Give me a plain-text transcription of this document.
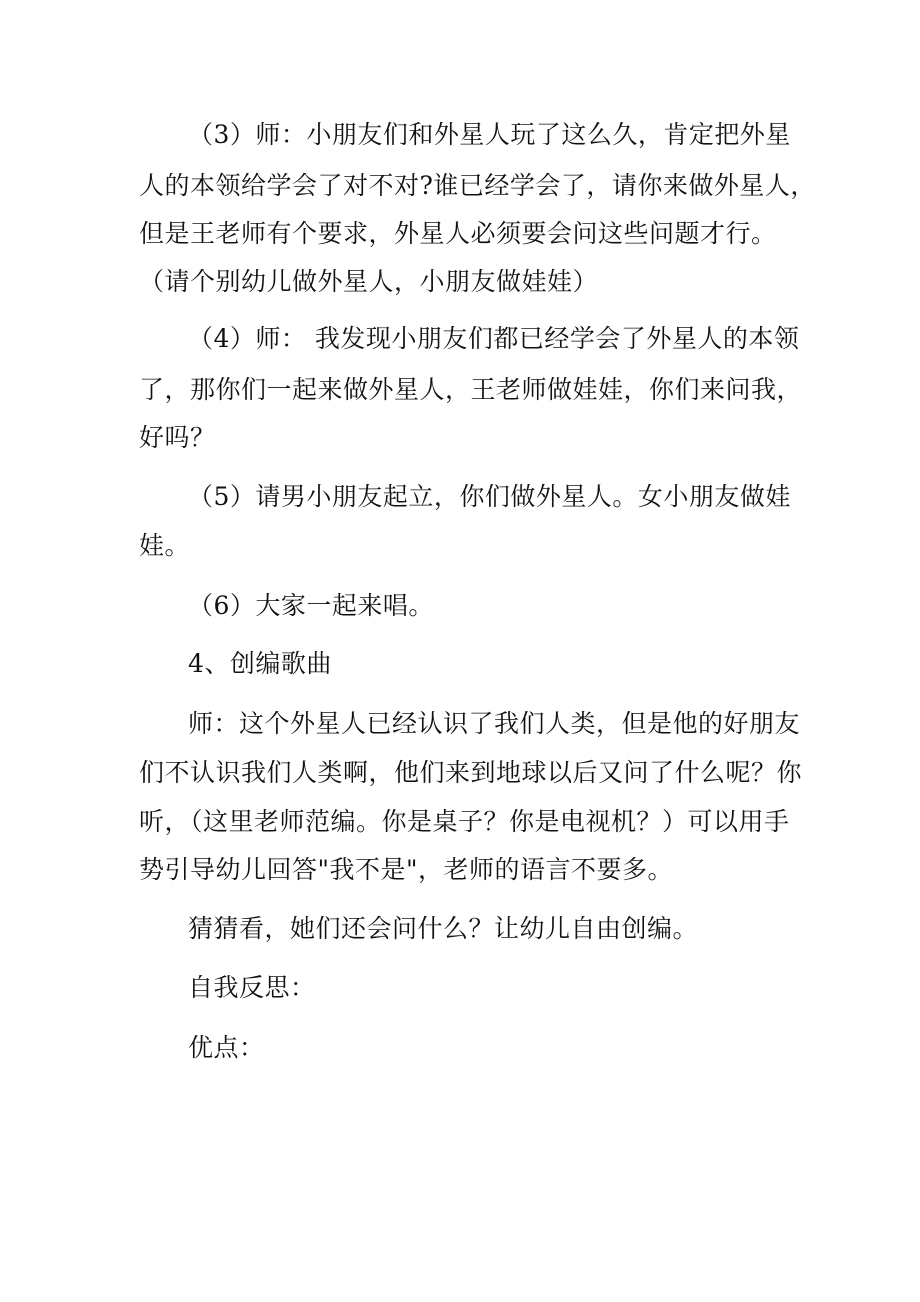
（3）师：小朋友们和外星人玩了这么久，肯定把外星
人的本领给学会了对不对?谁已经学会了，请你来做外星人，
但是王老师有个要求，外星人必须要会问这些问题才行。
（请个别幼儿做外星人，小朋友做娃娃）
（4）师： 我发现小朋友们都已经学会了外星人的本领
了，那你们一起来做外星人，王老师做娃娃，你们来问我，
好吗？
（5）请男小朋友起立，你们做外星人。女小朋友做娃
娃。
（6）大家一起来唱。
4、创编歌曲
师：这个外星人已经认识了我们人类，但是他的好朋友
们不认识我们人类啊，他们来到地球以后又问了什么呢？你
听，（这里老师范编。你是桌子？你是电视机？）可以用手
势引导幼儿回答"我不是"，老师的语言不要多。
猜猜看，她们还会问什么？让幼儿自由创编。
自我反思：
优点：
